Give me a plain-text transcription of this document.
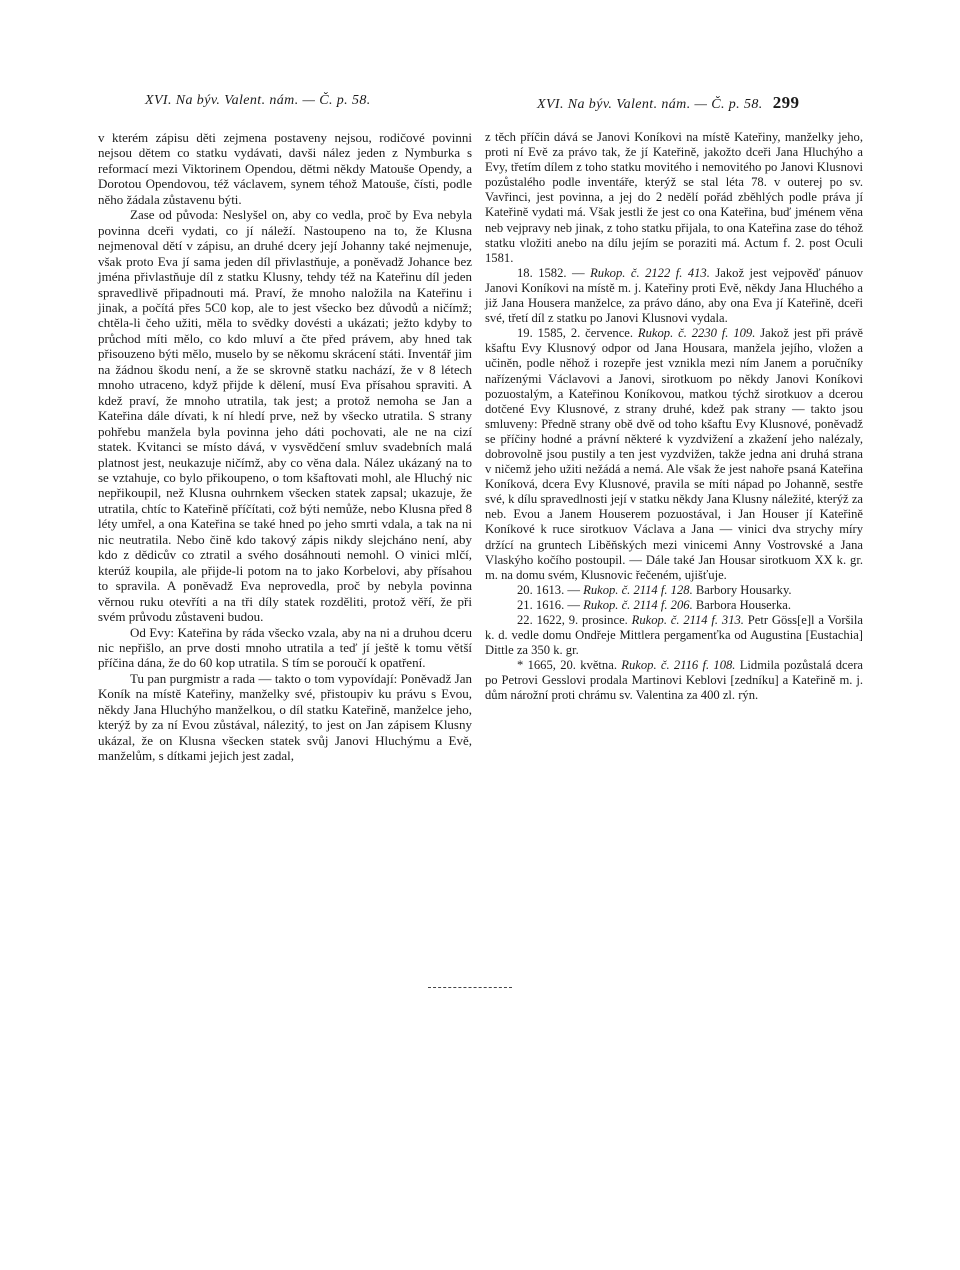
XVI. Na býv. Valent. nám. — Č. p. 58.	XVI. Na býv. Valent. nám. — Č. p. 58. 299

v kterém zápisu děti zejmena postaveny nejsou, rodičové povinni nejsou dětem co statku vydávati, davši nález jeden z Nymburka s reformací mezi Viktorinem Opendou, dětmi někdy Matouše Opendy, a Dorotou Opendovou, též václavem, synem téhož Matouše, čísti, podle něho žádala zůstavenu býti.

Zase od původa: Neslyšel on, aby co vedla, proč by Eva nebyla povinna dceři vydati, co jí náleží. Nastoupeno na to, že Klusna nejmenoval dětí v zápisu, an druhé dcery její Johanny také nejmenuje, však proto Eva jí sama jeden díl přivlastňuje, a poněvadž Johance bez jména přivlastňuje díl z statku Klusny, tehdy též na Kateřinu díl jeden spravedlivě připadnouti má. Praví, že mnoho naložila na Kateřinu i jinak, a počítá přes 5C0 kop, ale to jest všecko bez důvodů a ničímž; chtěla-li čeho užiti, měla to svědky dovésti a ukázati; ježto kdyby to průchod míti mělo, co kdo mluví a čte před právem, aby hned tak přisouzeno býti mělo, muselo by se někomu skrácení státi. Inventář jim na žádnou škodu není, a že se skrovně statku nachází, že v 8 létech mnoho utraceno, když přijde k dělení, musí Eva přísahou spraviti. A kdež praví, že mnoho utratila, tak jest; a protož nemoha se Jan a Kateřina dále dívati, k ní hledí prve, než by všecko utratila. S strany pohřebu manžela byla povinna jeho dáti pochovati, ale ne na cizí statek. Kvitanci se místo dává, v vysvědčení smluv svadebních malá platnost jest, neukazuje ničímž, aby co věna dala. Nález ukázaný na to se vztahuje, co bylo přikoupeno, o tom kšaftovati mohl, ale Hluchý nic nepřikoupil, než Klusna ouhrnkem všecken statek zapsal; ukazuje, že utratila, chtíc to Kateřině příčítati, což býti nemůže, nebo Klusna před 8 léty umřel, a ona Kateřina se také hned po jeho smrti vdala, a tak na ni nic neutratila. Nebo čině kdo takový zápis nikdy slejcháno není, aby kdo z dědicův co ztratil a svého dosáhnouti nemohl. O vinici mlčí, kterúž koupila, ale přijde-li potom na to jako Korbelovi, aby přísahou to spravila. A poněvadž Eva neprovedla, proč by nebyla povinna věrnou ruku otevříti a na tři díly statek rozděliti, protož věří, že při svém průvodu zůstaveni budou.

Od Evy: Kateřina by ráda všecko vzala, aby na ni a druhou dceru nic nepřišlo, an prve dosti mnoho utratila a teď jí ještě k tomu větší příčina dána, že do 60 kop utratila. S tím se poroučí k opatření.

Tu pan purgmistr a rada — takto o tom vypovídají: Poněvadž Jan Koník na místě Kateřiny, manželky své, přistoupiv ku právu s Evou, někdy Jana Hluchýho manželkou, o díl statku Kateřině, manželce jeho, kterýž by za ní Evou zůstával, nálezitý, to jest on Jan zápisem Klusny ukázal, že on Klusna všecken statek svůj Janovi Hluchýmu a Evě, manželům, s dítkami jejich jest zadal,

z těch příčin dává se Janovi Koníkovi na místě Kateřiny, manželky jeho, proti ní Evě za právo tak, že jí Kateřině, jakožto dceři Jana Hluchýho a Evy, třetím dílem z toho statku movitého i nemovitého po Janovi Klusnovi pozůstalého podle inventáře, kterýž se stal léta 78. v outerej po sv. Vavřinci, jest povinna, a jej do 2 nedělí pořád zběhlých podle práva jí Kateřině vydati má. Však jestli že jest co ona Kateřina, buď jménem věna neb vejpravy neb jinak, z toho statku přijala, to ona Kateřina zase do téhož statku vložiti anebo na dílu jejím se poraziti má. Actum f. 2. post Oculi 1581.

18. 1582. — Rukop. č. 2122 f. 413. Jakož jest vejpověď pánuov Janovi Koníkovi na místě m. j. Kateřiny proti Evě, někdy Jana Hluchého a již Jana Housera manželce, za právo dáno, aby ona Eva jí Kateřině, dceři své, třetí díl z statku po Janovi Klusnovi vydala.

19. 1585, 2. července. Rukop. č. 2230 f. 109. Jakož jest při právě kšaftu Evy Klusnový odpor od Jana Housara, manžela jejího, vložen a učiněn, podle něhož i rozepře jest vznikla mezi ním Janem a poručníky nařízenými Václavovi a Janovi, sirotkuom po někdy Janovi Koníkovi pozuostalým, a Kateřinou Koníkovou, matkou týchž sirotkuov a dcerou dotčené Evy Klusnové, z strany druhé, kdež pak strany — takto jsou smluveny: Předně strany obě dvě od toho kšaftu Evy Klusnové, poněvadž se příčiny hodné a právní některé k vyzdvižení a zkažení jeho nalézaly, dobrovolně jsou pustily a ten jest vyzdvižen, takže jedna ani druhá strana v ničemž jeho užiti nežádá a nemá. Ale však že jest nahoře psaná Kateřina Koníková, dcera Evy Klusnové, pravila se míti nápad po Johanně, sestře své, k dílu spravedlnosti její v statku někdy Jana Klusny náležité, kterýž za neb. Evou a Janem Houserem pozuostával, i Jan Houser jí Kateřině Koníkové k ruce sirotkuov Václava a Jana — vinici dva strychy míry držící na gruntech Liběňských mezi vinicemi Anny Vostrovské a Jana Vlaskýho kočího postoupil. — Dále také Jan Housar sirotkuom XX k. gr. m. na domu svém, Klusnovic řečeném, ujišťuje.

20. 1613. — Rukop. č. 2114 f. 128. Barbory Housarky.

21. 1616. — Rukop. č. 2114 f. 206. Barbora Houserka.

22. 1622, 9. prosince. Rukop. č. 2114 f. 313. Petr Göss[e]l a Voršila k. d. vedle domu Ondřeje Mittlera pergamenťka od Augustina [Eustachia] Dittle za 350 k. gr.

* 1665, 20. května. Rukop. č. 2116 f. 108. Lidmila pozůstalá dcera po Petrovi Gesslovi prodala Martinovi Keblovi [zedníku] a Kateřině m. j. dům nárožní proti chrámu sv. Valentina za 400 zl. rýn.
